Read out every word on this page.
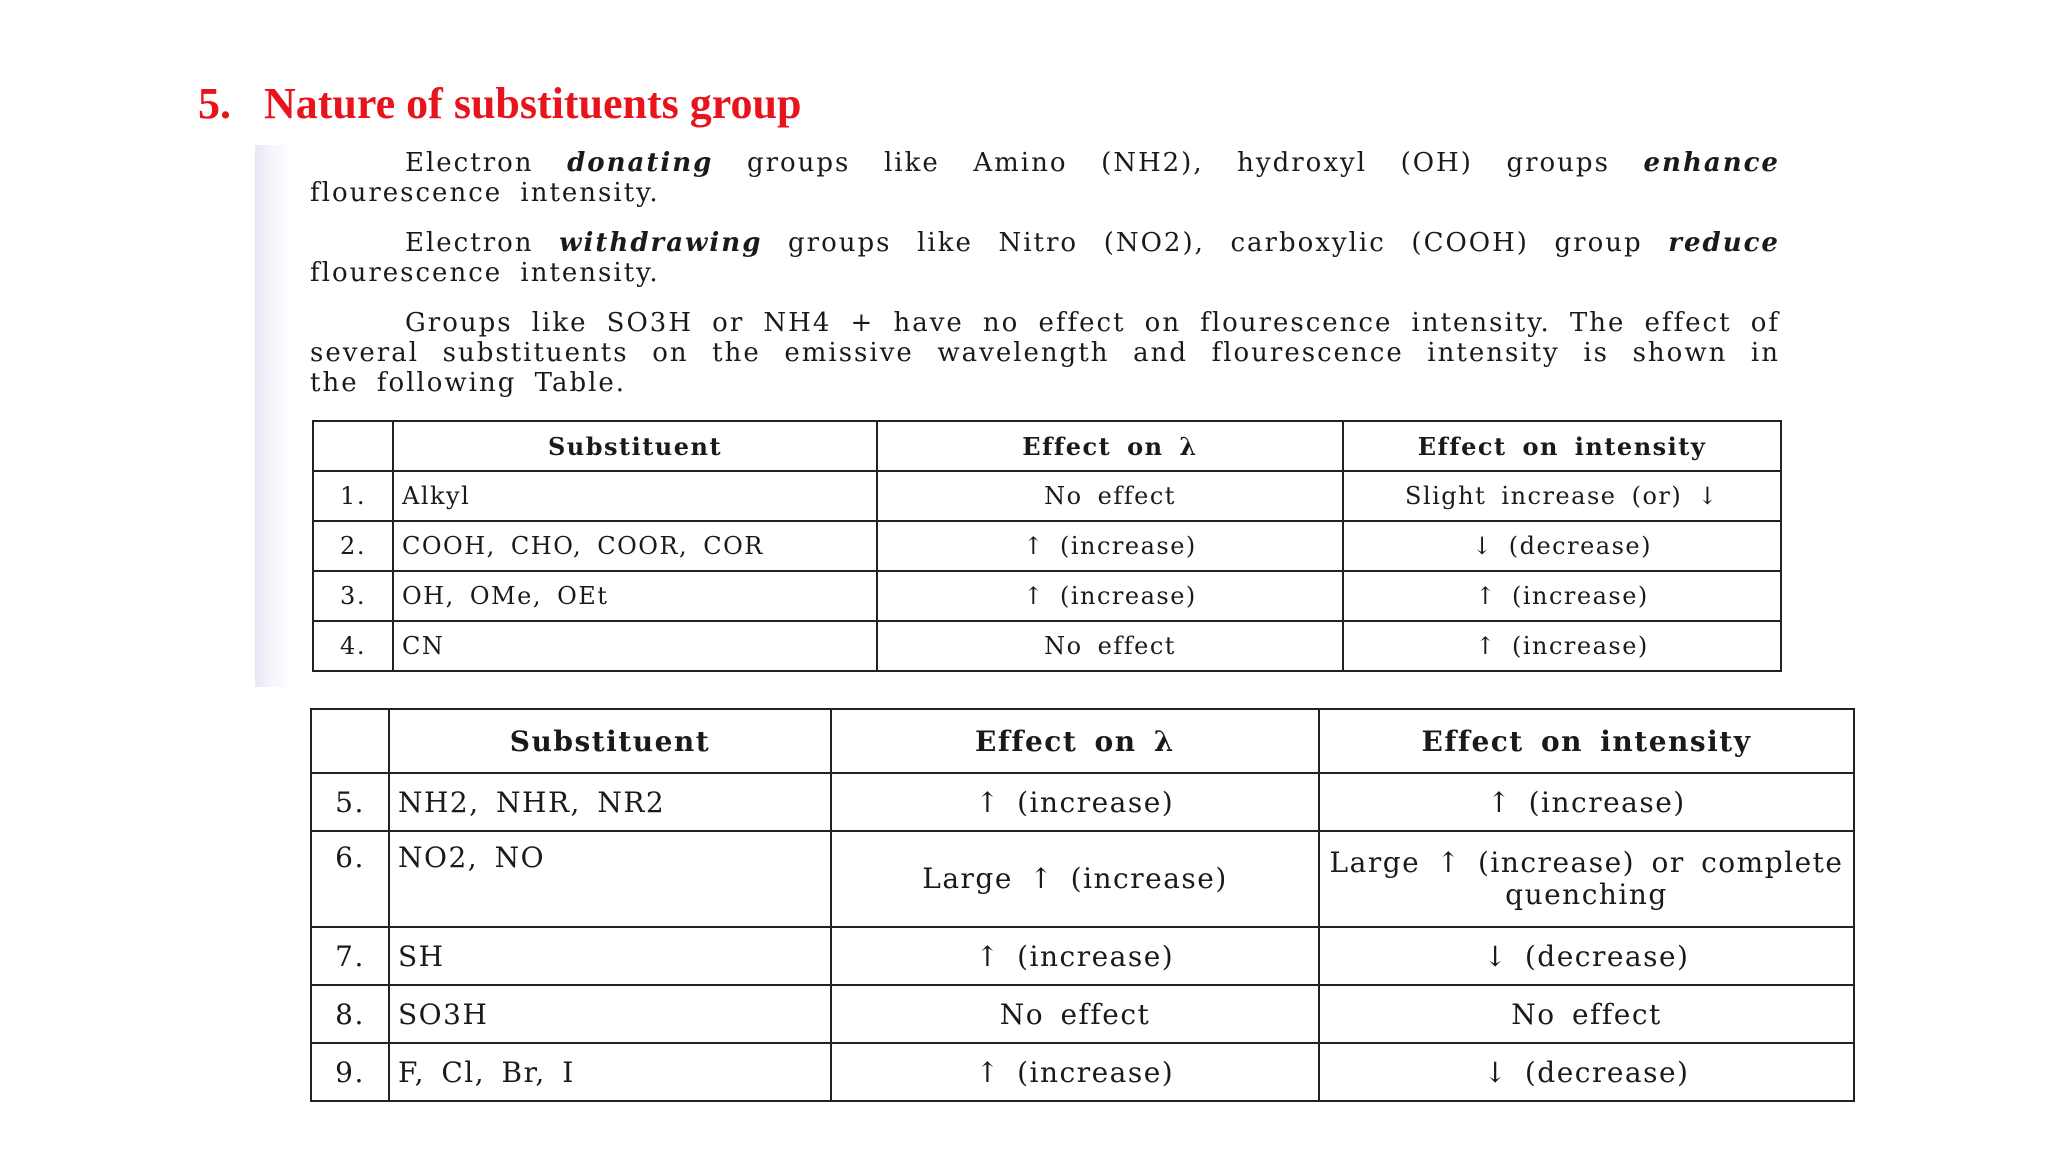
5.   Nature of substituents group

Electron donating groups like Amino (NH2), hydroxyl (OH) groups enhance flourescence intensity.

Electron withdrawing groups like Nitro (NO2), carboxylic (COOH) group reduce flourescence intensity.

Groups like SO3H or NH4 + have no effect on flourescence intensity. The effect of several substituents on the emissive wavelength and flourescence intensity is shown in the following Table.

	Substituent	Effect on λ	Effect on intensity
1.	Alkyl	No effect	Slight increase (or) ↓
2.	COOH, CHO, COOR, COR	↑ (increase)	↓ (decrease)
3.	OH, OMe, OEt	↑ (increase)	↑ (increase)
4.	CN	No effect	↑ (increase)
	Substituent	Effect on λ	Effect on intensity
5.	NH2, NHR, NR2	↑ (increase)	↑ (increase)
6.	NO2, NO	Large ↑ (increase)	Large ↑ (increase) or complete quenching
7.	SH	↑ (increase)	↓ (decrease)
8.	SO3H	No effect	No effect
9.	F, Cl, Br, I	↑ (increase)	↓ (decrease)
